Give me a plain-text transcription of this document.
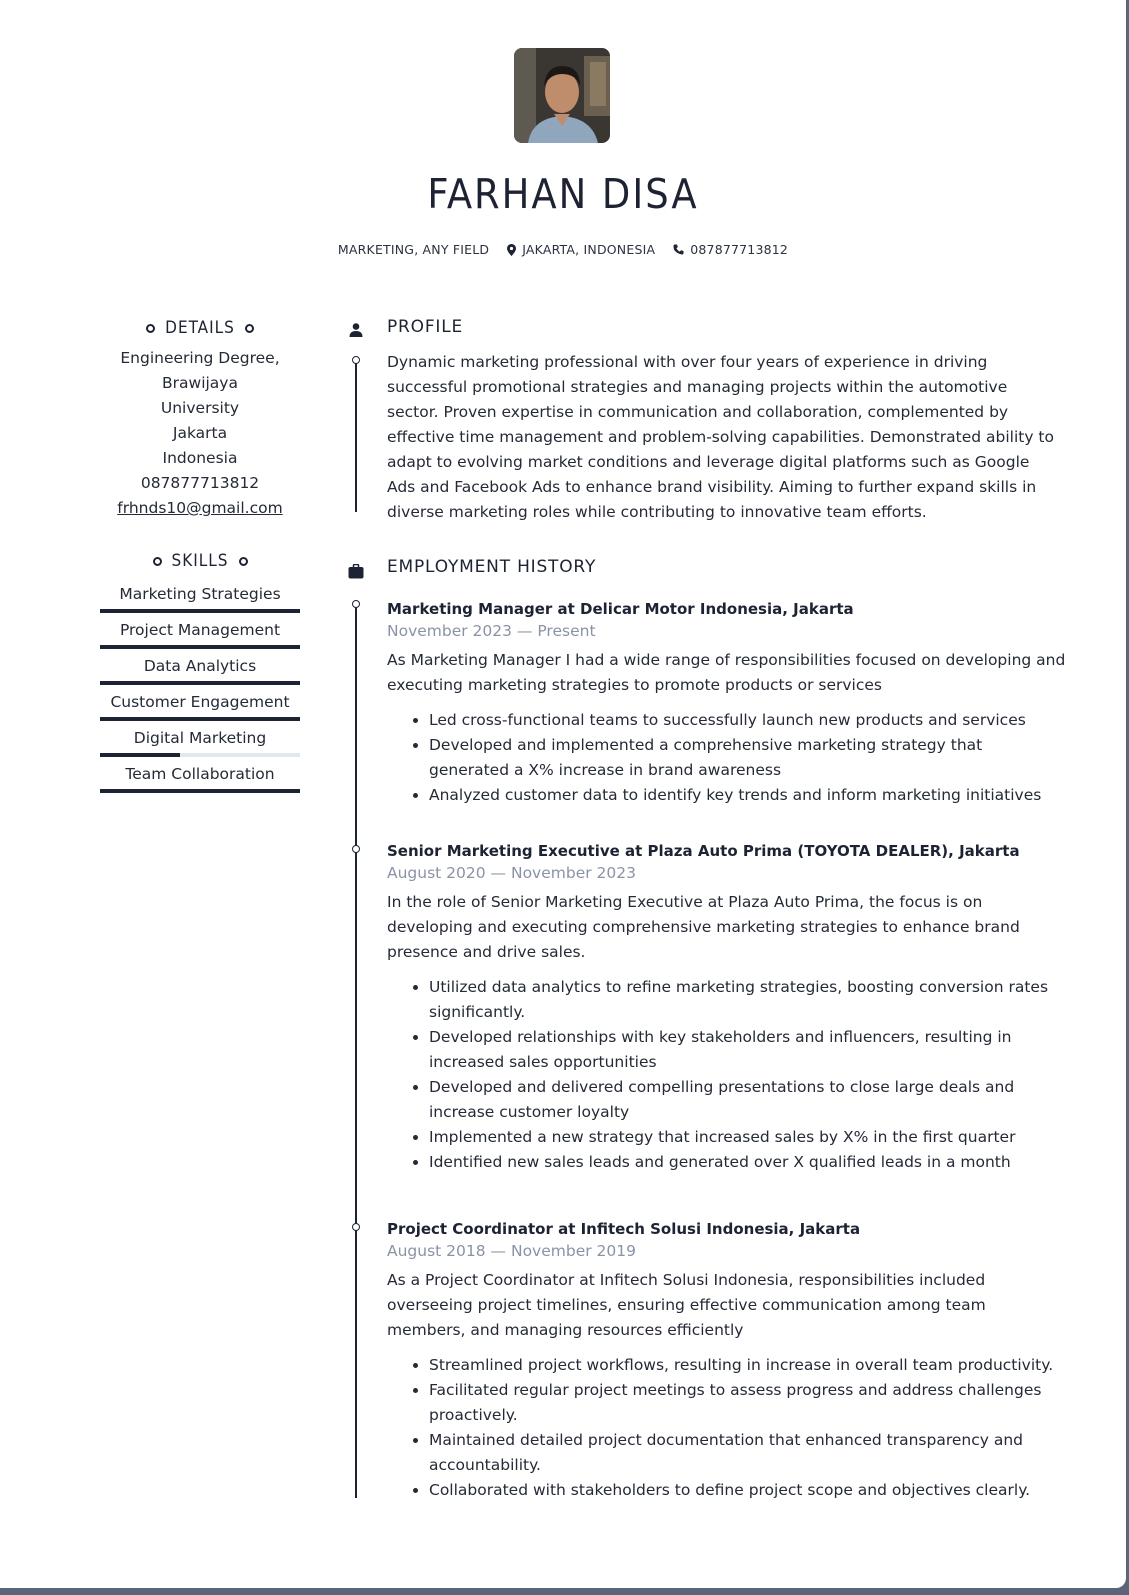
FARHAN DISA
MARKETING, ANY FIELD	JAKARTA, INDONESIA	087877713812
DETAILS
Engineering Degree, Brawijaya
University
Jakarta
Indonesia
087877713812
frhnds10@gmail.com
SKILLS
Marketing Strategies
Project Management
Data Analytics
Customer Engagement
Digital Marketing
Team Collaboration
PROFILE
Dynamic marketing professional with over four years of experience in driving successful promotional strategies and managing projects within the automotive sector. Proven expertise in communication and collaboration, complemented by effective time management and problem-solving capabilities. Demonstrated ability to adapt to evolving market conditions and leverage digital platforms such as Google Ads and Facebook Ads to enhance brand visibility. Aiming to further expand skills in diverse marketing roles while contributing to innovative team efforts.
EMPLOYMENT HISTORY
Marketing Manager at Delicar Motor Indonesia, Jakarta
November 2023 — Present
As Marketing Manager I had a wide range of responsibilities focused on developing and executing marketing strategies to promote products or services
• Led cross-functional teams to successfully launch new products and services
• Developed and implemented a comprehensive marketing strategy that generated a X% increase in brand awareness
• Analyzed customer data to identify key trends and inform marketing initiatives
Senior Marketing Executive at Plaza Auto Prima (TOYOTA DEALER), Jakarta
August 2020 — November 2023
In the role of Senior Marketing Executive at Plaza Auto Prima, the focus is on developing and executing comprehensive marketing strategies to enhance brand presence and drive sales.
• Utilized data analytics to refine marketing strategies, boosting conversion rates significantly.
• Developed relationships with key stakeholders and influencers, resulting in increased sales opportunities
• Developed and delivered compelling presentations to close large deals and increase customer loyalty
• Implemented a new strategy that increased sales by X% in the first quarter
• Identified new sales leads and generated over X qualified leads in a month
Project Coordinator at Infitech Solusi Indonesia, Jakarta
August 2018 — November 2019
As a Project Coordinator at Infitech Solusi Indonesia, responsibilities included overseeing project timelines, ensuring effective communication among team members, and managing resources efficiently
• Streamlined project workflows, resulting in increase in overall team productivity.
• Facilitated regular project meetings to assess progress and address challenges proactively.
• Maintained detailed project documentation that enhanced transparency and accountability.
• Collaborated with stakeholders to define project scope and objectives clearly.
